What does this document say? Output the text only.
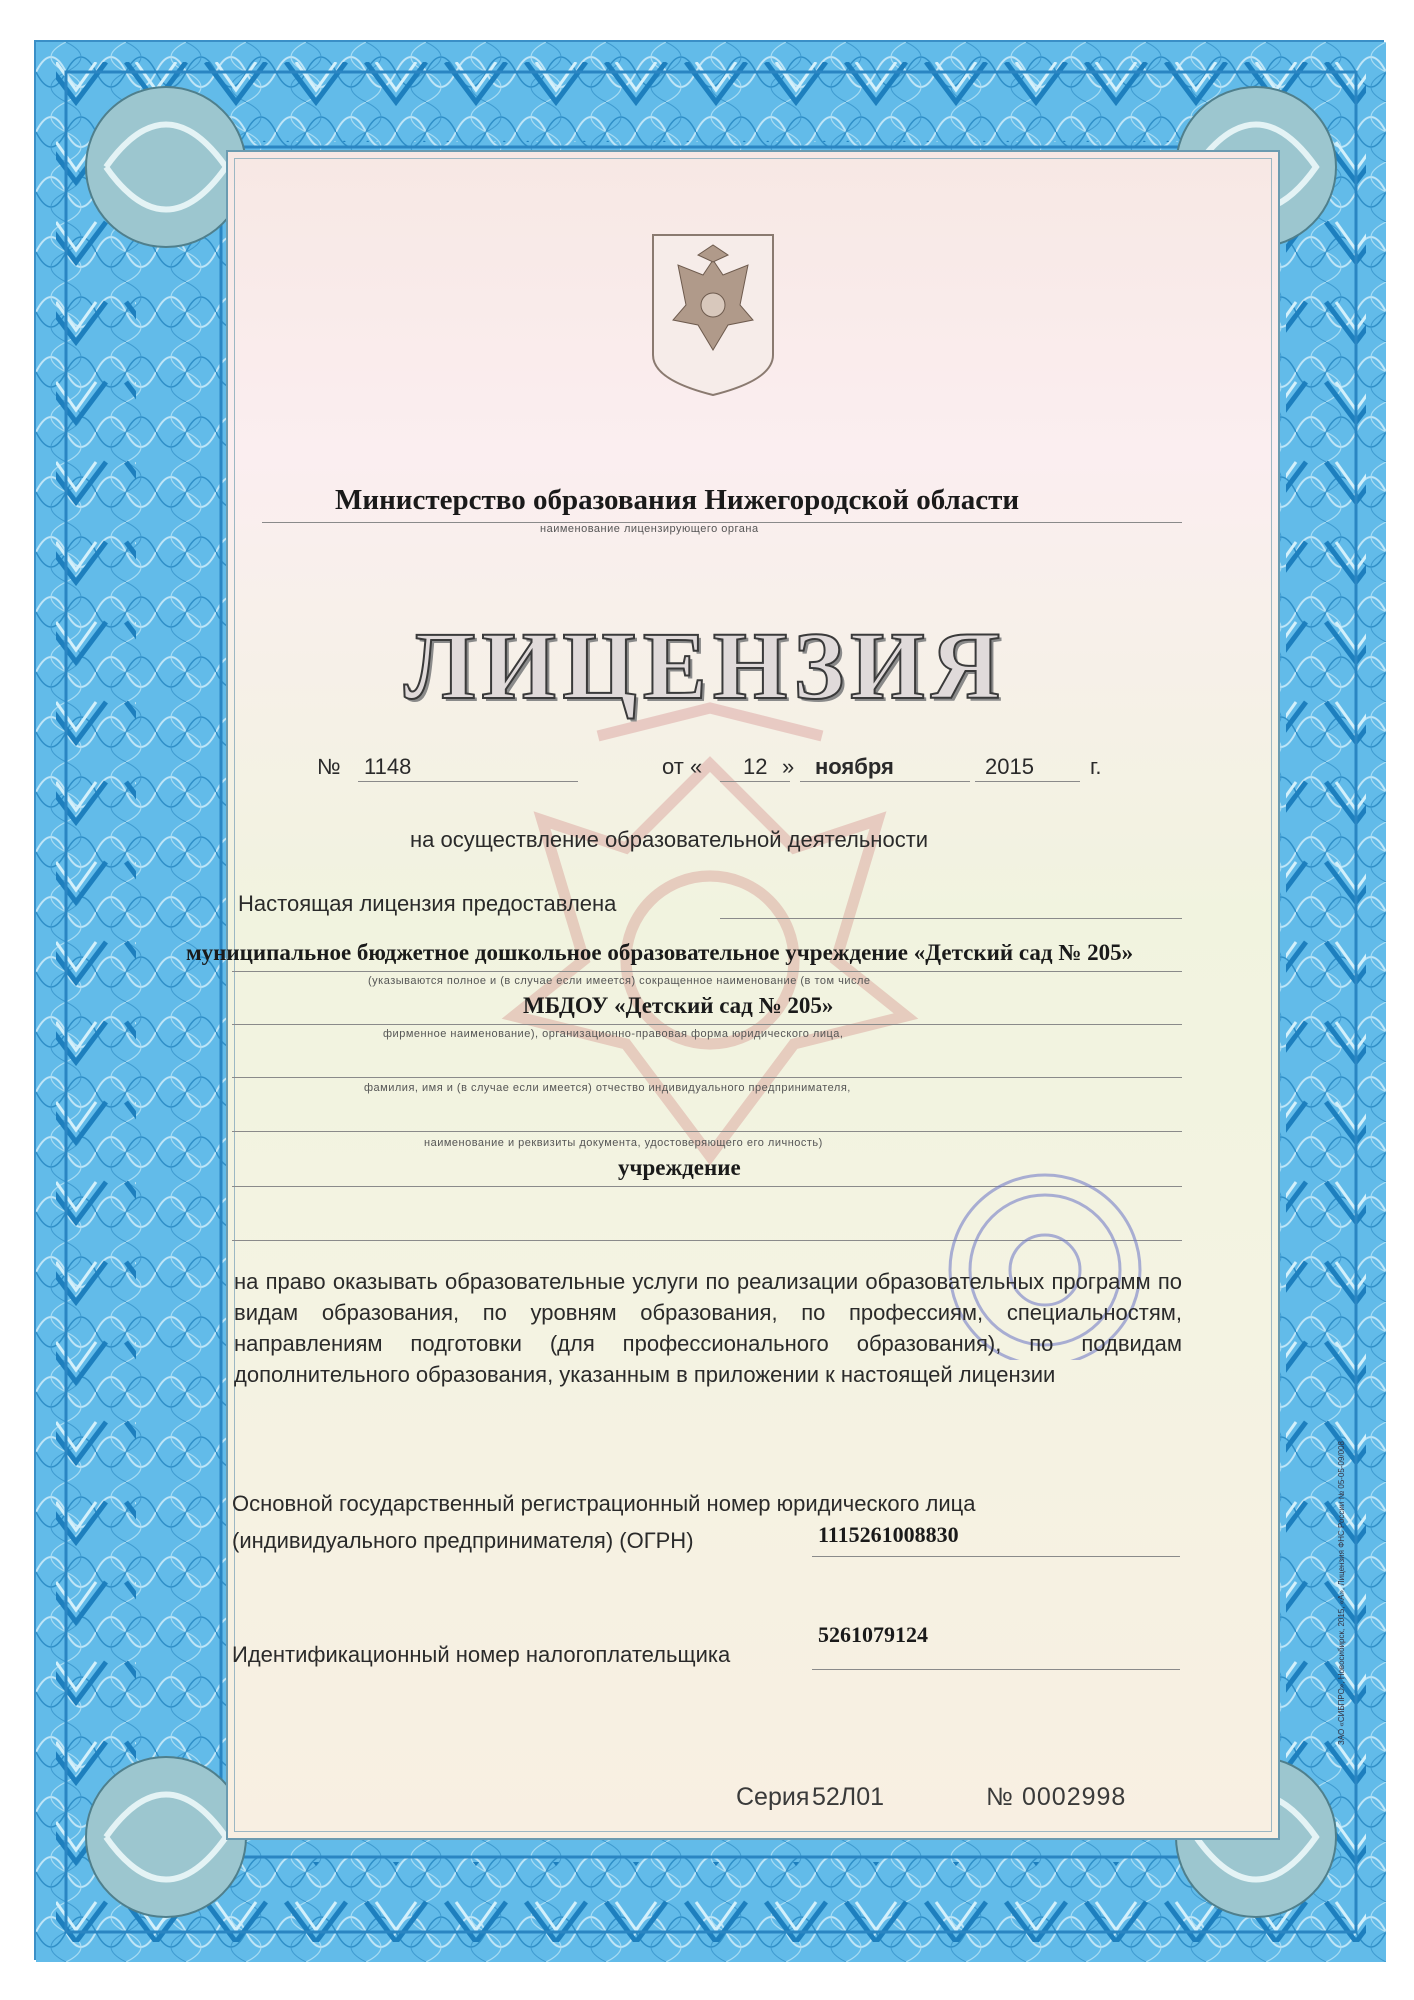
Министерство образования Нижегородской области
наименование лицензирующего органа
ЛИЦЕНЗИЯ
№ 1148	от « 12 » ноября	2015	г.
на осуществление образовательной деятельности
Настоящая лицензия предоставлена
муниципальное бюджетное дошкольное образовательное учреждение «Детский сад № 205»
(указываются полное и (в случае если имеется) сокращенное наименование (в том числе
МБДОУ «Детский сад № 205»
фирменное наименование), организационно-правовая форма юридического лица,
фамилия, имя и (в случае если имеется) отчество индивидуального предпринимателя,
наименование и реквизиты документа, удостоверяющего его личность)
учреждение
на право оказывать образовательные услуги по реализации образовательных программ по видам образования, по уровням образования, по профессиям, специальностям, направлениям подготовки (для профессионального образования), по подвидам дополнительного образования, указанным в приложении к настоящей лицензии
Основной государственный регистрационный номер юридического лица
(индивидуального предпринимателя) (ОГРН)	1115261008830
5261079124
Идентификационный номер налогоплательщика
Серия 52Л01	№ 0002998
ЗАО «СИБПРО», Новосибирск, 2015, «А», Лицензия ФНС России № 05-05-09/008
